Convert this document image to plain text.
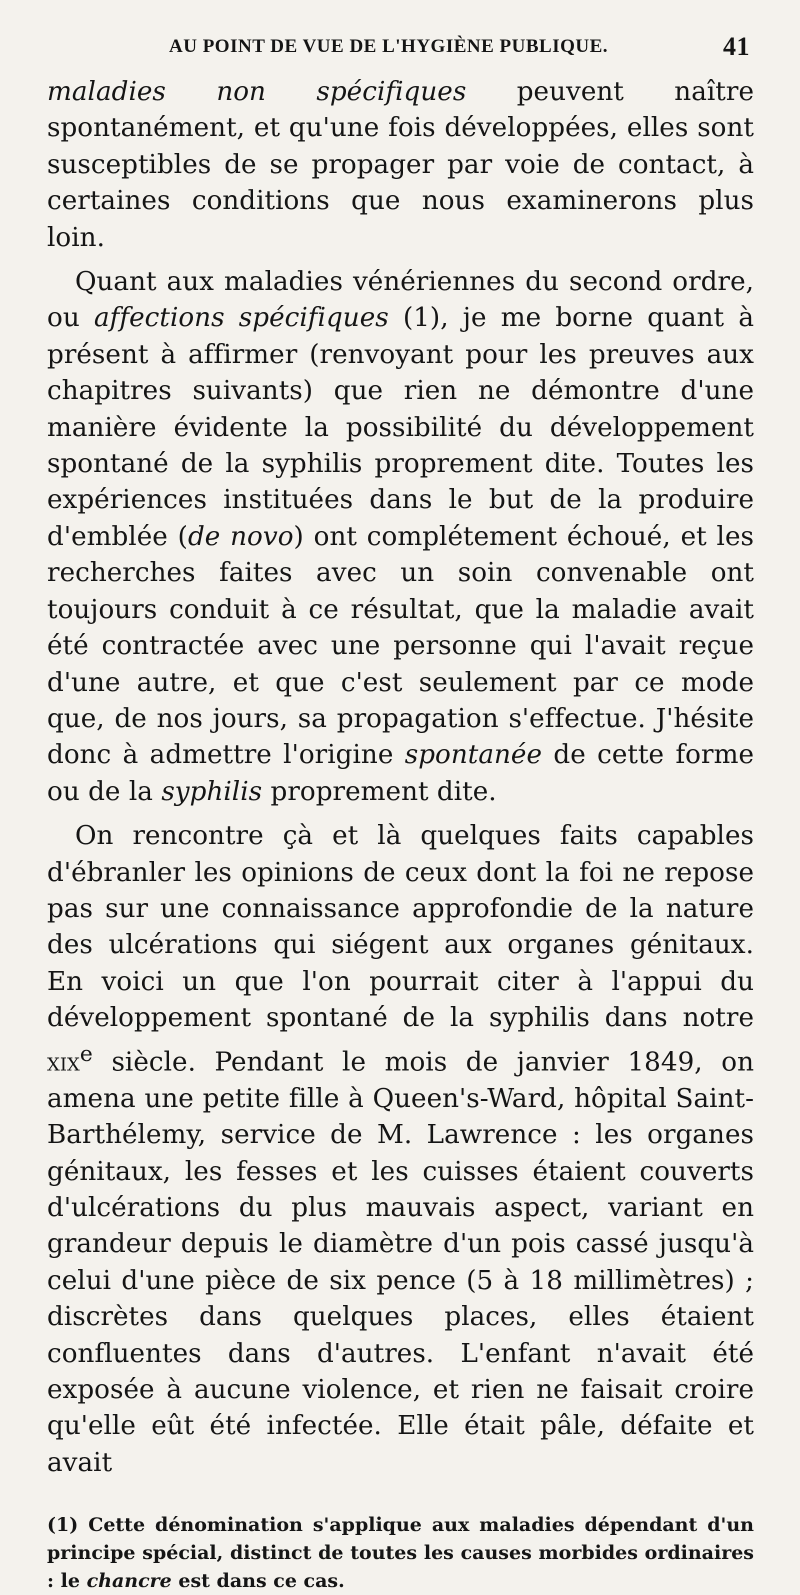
AU POINT DE VUE DE L'HYGIÈNE PUBLIQUE.	41

maladies non spécifiques peuvent naître spontanément, et qu'une fois développées, elles sont susceptibles de se propager par voie de contact, à certaines conditions que nous examinerons plus loin.

Quant aux maladies vénériennes du second ordre, ou affections spécifiques (1), je me borne quant à présent à affirmer (renvoyant pour les preuves aux chapitres suivants) que rien ne démontre d'une manière évidente la possibilité du développement spontané de la syphilis proprement dite. Toutes les expériences instituées dans le but de la produire d'emblée (de novo) ont complétement échoué, et les recherches faites avec un soin convenable ont toujours conduit à ce résultat, que la maladie avait été contractée avec une personne qui l'avait reçue d'une autre, et que c'est seulement par ce mode que, de nos jours, sa propagation s'effectue. J'hésite donc à admettre l'origine spontanée de cette forme ou de la syphilis proprement dite.

On rencontre çà et là quelques faits capables d'ébranler les opinions de ceux dont la foi ne repose pas sur une connaissance approfondie de la nature des ulcérations qui siégent aux organes génitaux. En voici un que l'on pourrait citer à l'appui du développement spontané de la syphilis dans notre xix$^e$ siècle. Pendant le mois de janvier 1849, on amena une petite fille à Queen's-Ward, hôpital Saint-Barthélemy, service de M. Lawrence : les organes génitaux, les fesses et les cuisses étaient couverts d'ulcérations du plus mauvais aspect, variant en grandeur depuis le diamètre d'un pois cassé jusqu'à celui d'une pièce de six pence (5 à 18 millimètres) ; discrètes dans quelques places, elles étaient confluentes dans d'autres. L'enfant n'avait été exposée à aucune violence, et rien ne faisait croire qu'elle eût été infectée. Elle était pâle, défaite et avait

(1) Cette dénomination s'applique aux maladies dépendant d'un principe spécial, distinct de toutes les causes morbides ordinaires : le chancre est dans ce cas.
